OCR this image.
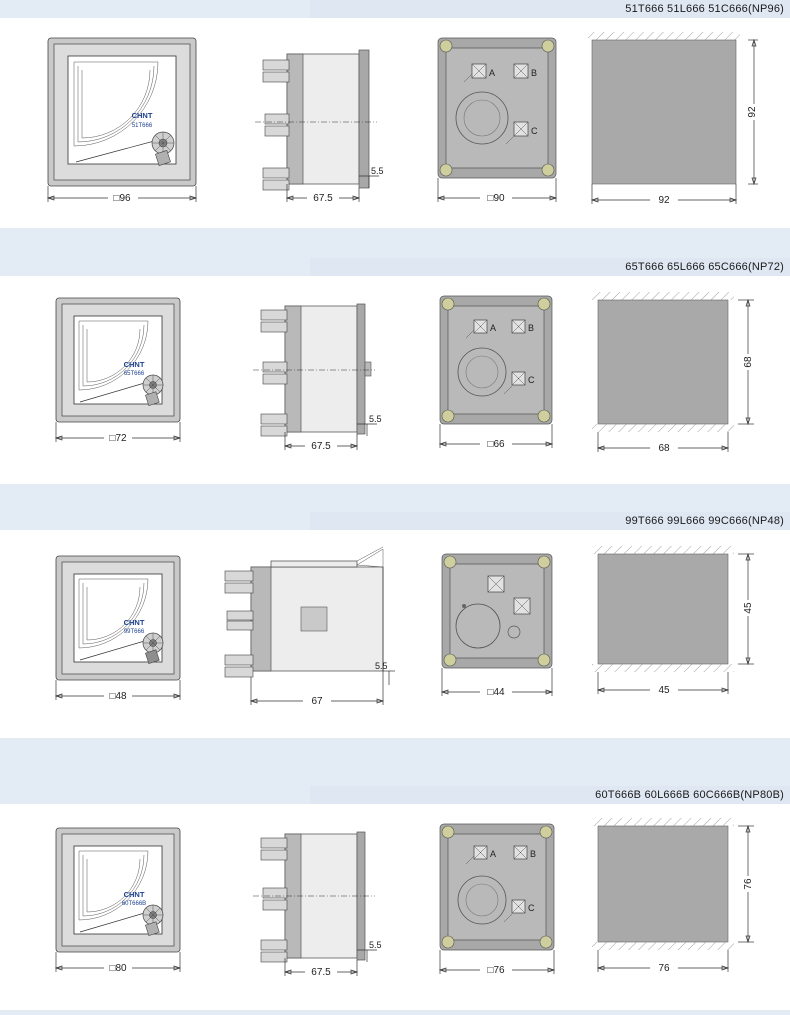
51T666 51L666 51C666(NP96)
CHNT
51T666
□96	67.5
5.5
A	B
C
□90
92
92
65T666 65L666 65C666(NP72)
CHNT
65T666
□72
67.5
5.5
A	B
C
□66
68
68
99T666 99L666 99C666(NP48)
CHNT
99T666
□48	67
5.5
□44
45
45
60T666B 60L666B 60C666B(NP80B)
CHNT
60T666B
□80	67.5
5.5
A	B
C
□76
76
76
